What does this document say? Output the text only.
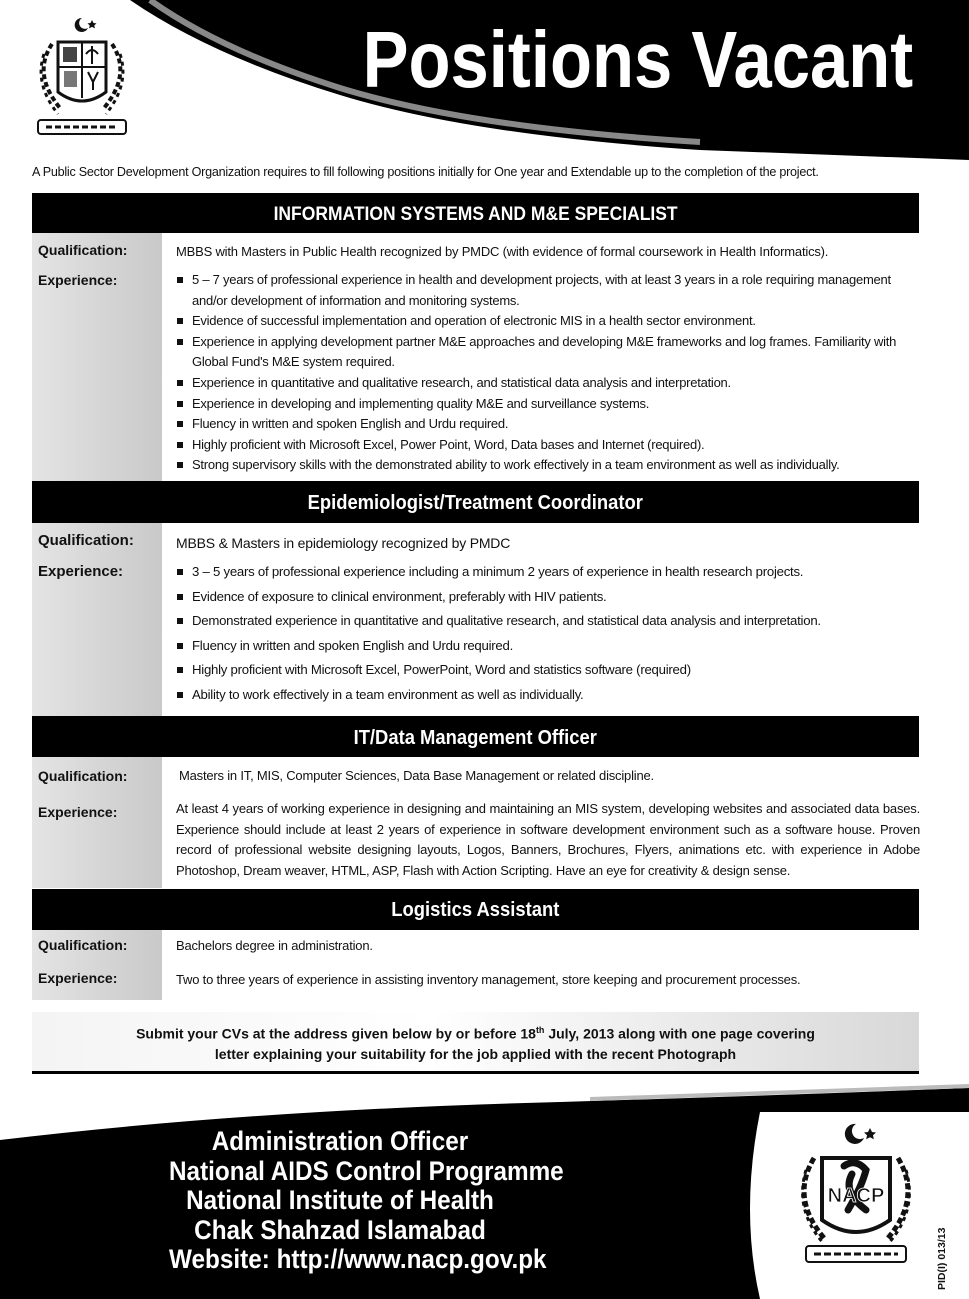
Positions Vacant
A Public Sector Development Organization requires to fill following positions initially for One year and Extendable up to the completion of the project.
INFORMATION SYSTEMS AND M&E SPECIALIST
Qualification:	MBBS with Masters in Public Health recognized by PMDC (with evidence of formal coursework in Health Informatics).
Experience:	5 – 7 years of professional experience in health and development projects, with at least 3 years in a role requiring management and/or development of information and monitoring systems.
Evidence of successful implementation and operation of electronic MIS in a health sector environment.
Experience in applying development partner M&E approaches and developing M&E frameworks and log frames. Familiarity with Global Fund's M&E system required.
Experience in quantitative and qualitative research, and statistical data analysis and interpretation.
Experience in developing and implementing quality M&E and surveillance systems.
Fluency in written and spoken English and Urdu required.
Highly proficient with Microsoft Excel, Power Point, Word, Data bases and Internet (required).
Strong supervisory skills with the demonstrated ability to work effectively in a team environment as well as individually.
Epidemiologist/Treatment Coordinator
Qualification:	MBBS & Masters in epidemiology recognized by PMDC
Experience:	3 – 5 years of professional experience including a minimum 2 years of experience in health research projects.
Evidence of exposure to clinical environment, preferably with HIV patients.
Demonstrated experience in quantitative and qualitative research, and statistical data analysis and interpretation.
Fluency in written and spoken English and Urdu required.
Highly proficient with Microsoft Excel, PowerPoint, Word and statistics software (required)
Ability to work effectively in a team environment as well as individually.
IT/Data Management Officer
Qualification:	Masters in IT, MIS, Computer Sciences, Data Base Management or related discipline.
Experience:	At least 4 years of working experience in designing and maintaining an MIS system, developing websites and associated data bases. Experience should include at least 2 years of experience in software development environment such as a software house. Proven record of professional website designing layouts, Logos, Banners, Brochures, Flyers, animations etc. with experience in Adobe Photoshop, Dream weaver, HTML, ASP, Flash with Action Scripting. Have an eye for creativity & design sense.
Logistics Assistant
Qualification:	Bachelors degree in administration.
Experience:	Two to three years of experience in assisting inventory management, store keeping and procurement processes.
Submit your CVs at the address given below by or before 18th July, 2013 along with one page covering
letter explaining your suitability for the job applied with the recent Photograph
Administration Officer
National AIDS Control Programme
National Institute of Health
Chak Shahzad Islamabad
Website: http://www.nacp.gov.pk
NACP
PID(I) 013/13
